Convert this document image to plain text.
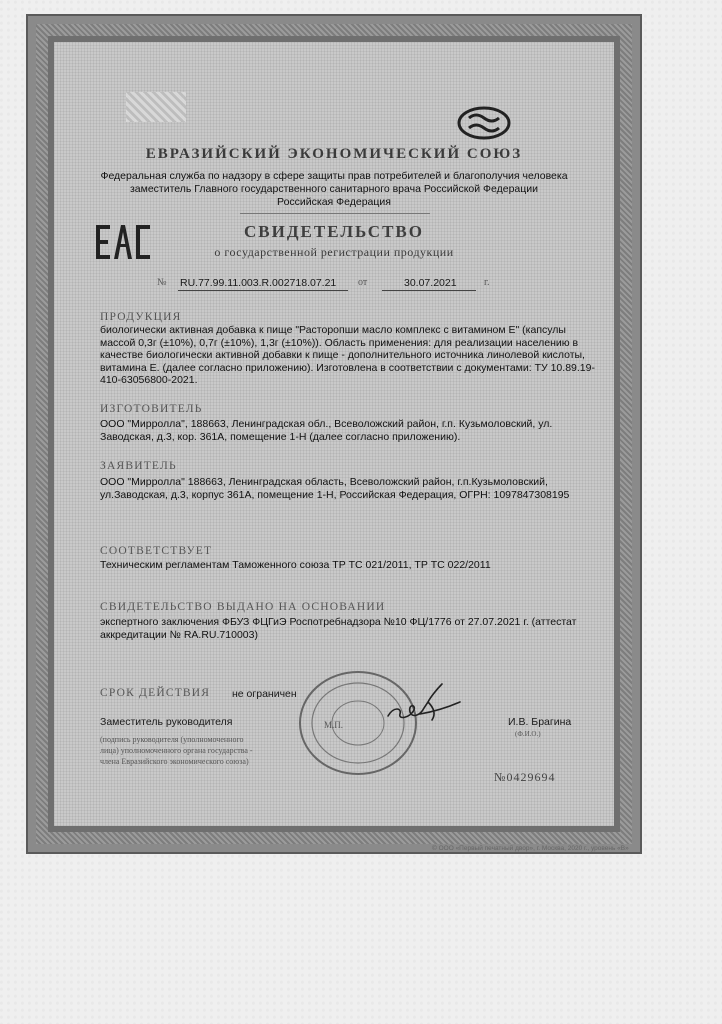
ЕВРАЗИЙСКИЙ ЭКОНОМИЧЕСКИЙ СОЮЗ
Федеральная служба по надзору в сфере защиты прав потребителей и благополучия человека
заместитель Главного государственного санитарного врача Российской Федерации
Российская Федерация
СВИДЕТЕЛЬСТВО
о государственной регистрации продукции
№ RU.77.99.11.003.R.002718.07.21 от	30.07.2021	г.
ПРОДУКЦИЯ
биологически активная добавка к пище "Расторопши масло комплекс с витамином Е" (капсулы
массой 0,3г (±10%), 0,7г (±10%), 1,3г (±10%)). Область применения: для реализации населению в
качестве биологически активной добавки к пище - дополнительного источника линолевой кислоты,
витамина Е. (далее согласно приложению). Изготовлена в соответствии с документами: ТУ 10.89.19-
410-63056800-2021.
ИЗГОТОВИТЕЛЬ
ООО "Мирролла", 188663, Ленинградская обл., Всеволожский район, г.п. Кузьмоловский, ул.
Заводская, д.3, кор. 361А, помещение 1-Н (далее согласно приложению).
ЗАЯВИТЕЛЬ
ООО "Мирролла" 188663, Ленинградская область, Всеволожский район, г.п.Кузьмоловский,
ул.Заводская, д.3, корпус 361А, помещение 1-Н, Российская Федерация, ОГРН: 1097847308195
СООТВЕТСТВУЕТ
Техническим регламентам Таможенного союза ТР ТС 021/2011, ТР ТС 022/2011
СВИДЕТЕЛЬСТВО ВЫДАНО НА ОСНОВАНИИ
экспертного заключения ФБУЗ ФЦГиЭ Роспотребнадзора №10 ФЦ/1776 от 27.07.2021 г. (аттестат
аккредитации № RA.RU.710003)
СРОК ДЕЙСТВИЯ не ограничен
М.П.
Заместитель руководителя	И.В. Брагина
(Ф.И.О.)
(подпись руководителя (уполномоченного
лица) уполномоченного органа государства -
члена Евразийского экономического союза)
№0429694
© ООО «Первый печатный двор», г. Москва, 2020 г., уровень «В»
